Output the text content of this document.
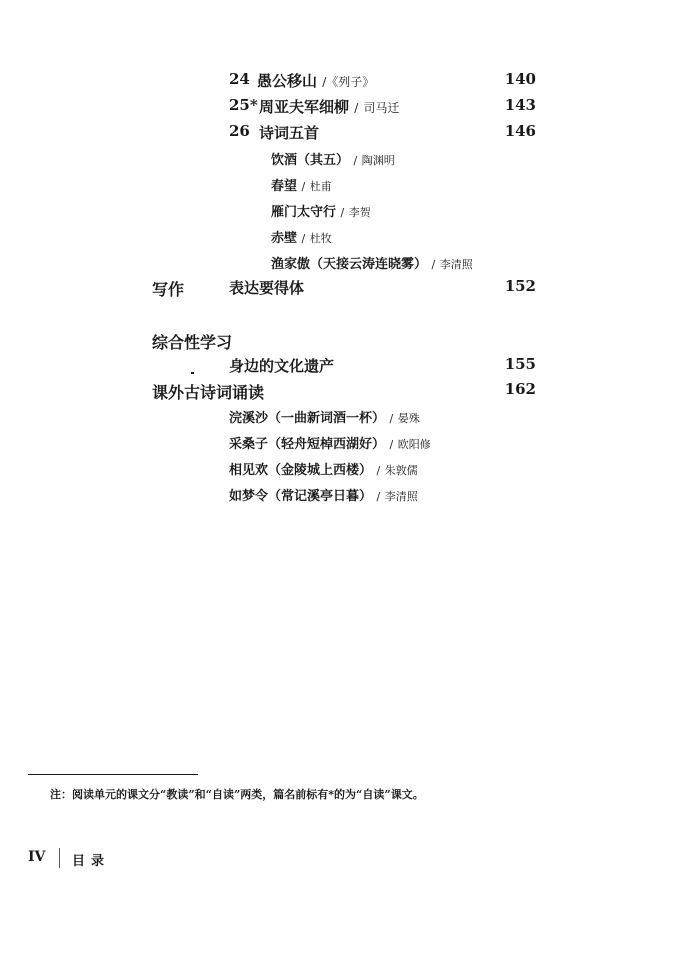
24 愚公移山 /《列子》	140
25* 周亚夫军细柳 / 司马迁	143
26 诗词五首	146
饮酒（其五） / 陶渊明
春望 / 杜甫
雁门太守行 / 李贺
赤壁 / 杜牧
渔家傲（天接云涛连晓雾） / 李清照
写作	表达要得体	152
综合性学习
身边的文化遗产	155
课外古诗词诵读	162
浣溪沙（一曲新词酒一杯） / 晏殊
采桑子（轻舟短棹西湖好） / 欧阳修
相见欢（金陵城上西楼） / 朱敦儒
如梦令（常记溪亭日暮） / 李清照
注：阅读单元的课文分“教读”和“自读”两类，篇名前标有*的为“自读”课文。
IV 目录
